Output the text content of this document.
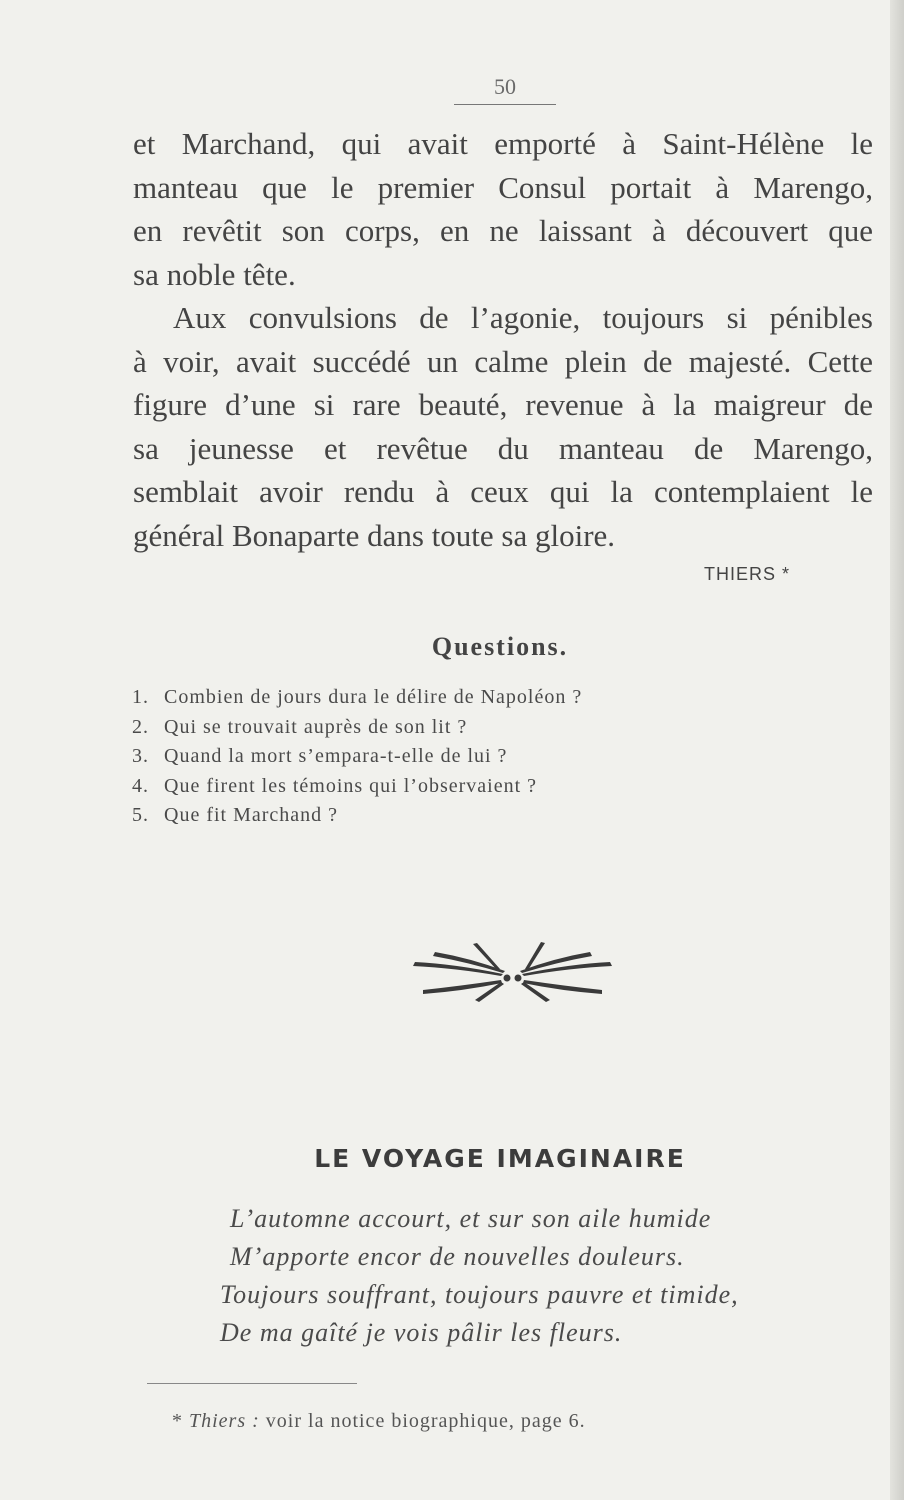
50

et Marchand, qui avait emporté à Saint-Hélène le
manteau que le premier Consul portait à Marengo,
en revêtit son corps, en ne laissant à découvert que
sa noble tête.

Aux convulsions de l’agonie, toujours si pénibles
à voir, avait succédé un calme plein de majesté. Cette
figure d’une si rare beauté, revenue à la maigreur de
sa jeunesse et revêtue du manteau de Marengo,
semblait avoir rendu à ceux qui la contemplaient le
général Bonaparte dans toute sa gloire.

THIERS *
Questions.
1. Combien de jours dura le délire de Napoléon ?
2. Qui se trouvait auprès de son lit ?
3. Quand la mort s’empara-t-elle de lui ?
4. Que firent les témoins qui l’observaient ?
5. Que fit Marchand ?
LE VOYAGE IMAGINAIRE
L’automne accourt, et sur son aile humide
M’apporte encor de nouvelles douleurs.
Toujours souffrant, toujours pauvre et timide,
De ma gaîté je vois pâlir les fleurs.
* Thiers : voir la notice biographique, page 6.
